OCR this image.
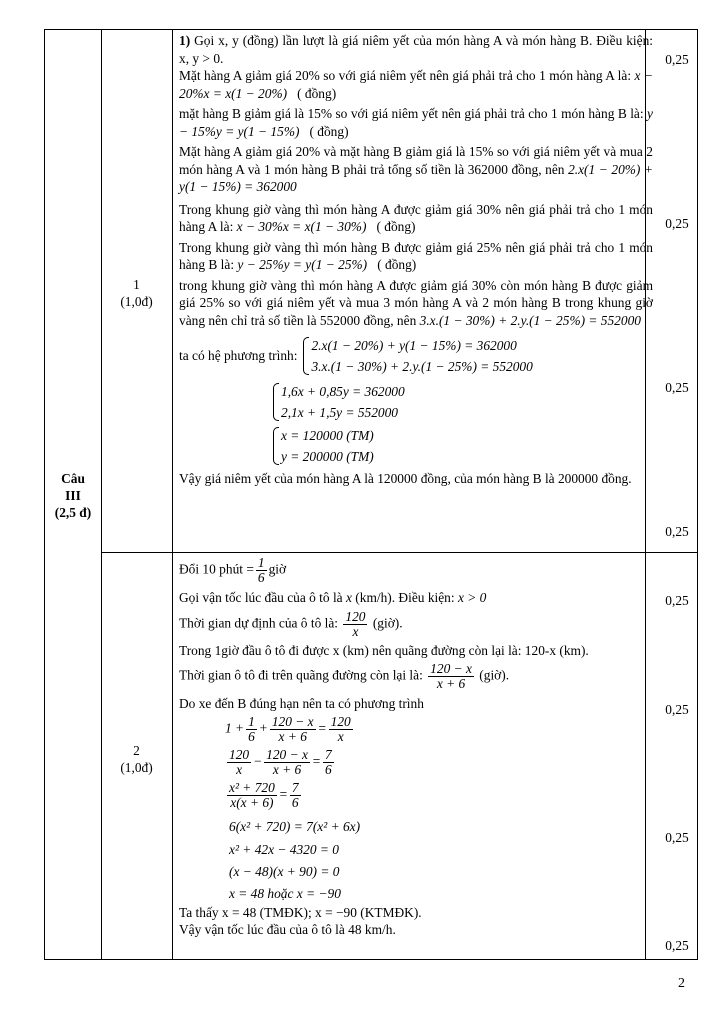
Câu
III
(2,5 đ)
1
(1,0đ)
2
(1,0đ)

1) Gọi x, y (đồng) lần lượt là giá niêm yết của món hàng A và món hàng B. Điều kiện: x, y > 0.

Mặt hàng A giảm giá 20% so với giá niêm yết nên giá phải trả cho 1 món hàng A là: x − 20%x = x(1 − 20%) ( đồng)

mặt hàng B giảm giá là 15% so với giá niêm yết nên giá phải trả cho 1 món hàng B là: y − 15%y = y(1 − 15%) ( đồng)

Mặt hàng A giảm giá 20% và mặt hàng B giảm giá là 15% so với giá niêm yết và mua 2 món hàng A và 1 món hàng B phải trả tổng số tiền là 362000 đồng, nên 2.x(1 − 20%) + y(1 − 15%) = 362000

Trong khung giờ vàng thì món hàng A được giảm giá 30% nên giá phải trả cho 1 món hàng A là: x − 30%x = x(1 − 30%) ( đồng)

Trong khung giờ vàng thì món hàng B được giảm giá 25% nên giá phải trả cho 1 món hàng B là: y − 25%y = y(1 − 25%) ( đồng)

trong khung giờ vàng thì món hàng A được giảm giá 30% còn món hàng B được giảm giá 25% so với giá niêm yết và mua 3 món hàng A và 2 món hàng B trong khung giờ vàng nên chỉ trả số tiền là 552000 đồng, nên 3.x.(1 − 30%) + 2.y.(1 − 25%) = 552000

ta có hệ phương trình:
2.x(1 − 20%) + y(1 − 15%) = 362000
3.x.(1 − 30%) + 2.y.(1 − 25%) = 552000
1,6x + 0,85y = 362000
2,1x + 1,5y = 552000
x = 120000 (TM)
y = 200000 (TM)

Vậy giá niêm yết của món hàng A là 120000 đồng, của món hàng B là 200000 đồng.

0,25
0,25
0,25
0,25
Đổi 10 phút = $\frac{1}{6}$ giờ
Gọi vận tốc lúc đầu của ô tô là x (km/h). Điều kiện: x > 0
Thời gian dự định của ô tô là: $\frac{120}{x}$ (giờ).
Trong 1giờ đầu ô tô đi được x (km) nên quãng đường còn lại là: 120-x (km).
Thời gian ô tô đi trên quãng đường còn lại là: $\frac{120 - x}{x + 6}$ (giờ).
Do xe đến B đúng hạn nên ta có phương trình
$1 + \frac{1}{6} + \frac{120 - x}{x + 6} = \frac{120}{x}$
$\frac{120}{x} - \frac{120 - x}{x + 6} = \frac{7}{6}$
$\frac{\text{x² + 720}}{x(x + 6)} = \frac{7}{6}$
6(x² + 720) = 7(x² + 6x)
x² + 42x − 4320 = 0
(x − 48)(x + 90) = 0
x = 48 hoặc x = −90
Ta thấy x = 48 (TMĐK); x = −90 (KTMĐK).
Vậy vận tốc lúc đầu của ô tô là 48 km/h.
0,25
0,25
0,25
0,25
2
